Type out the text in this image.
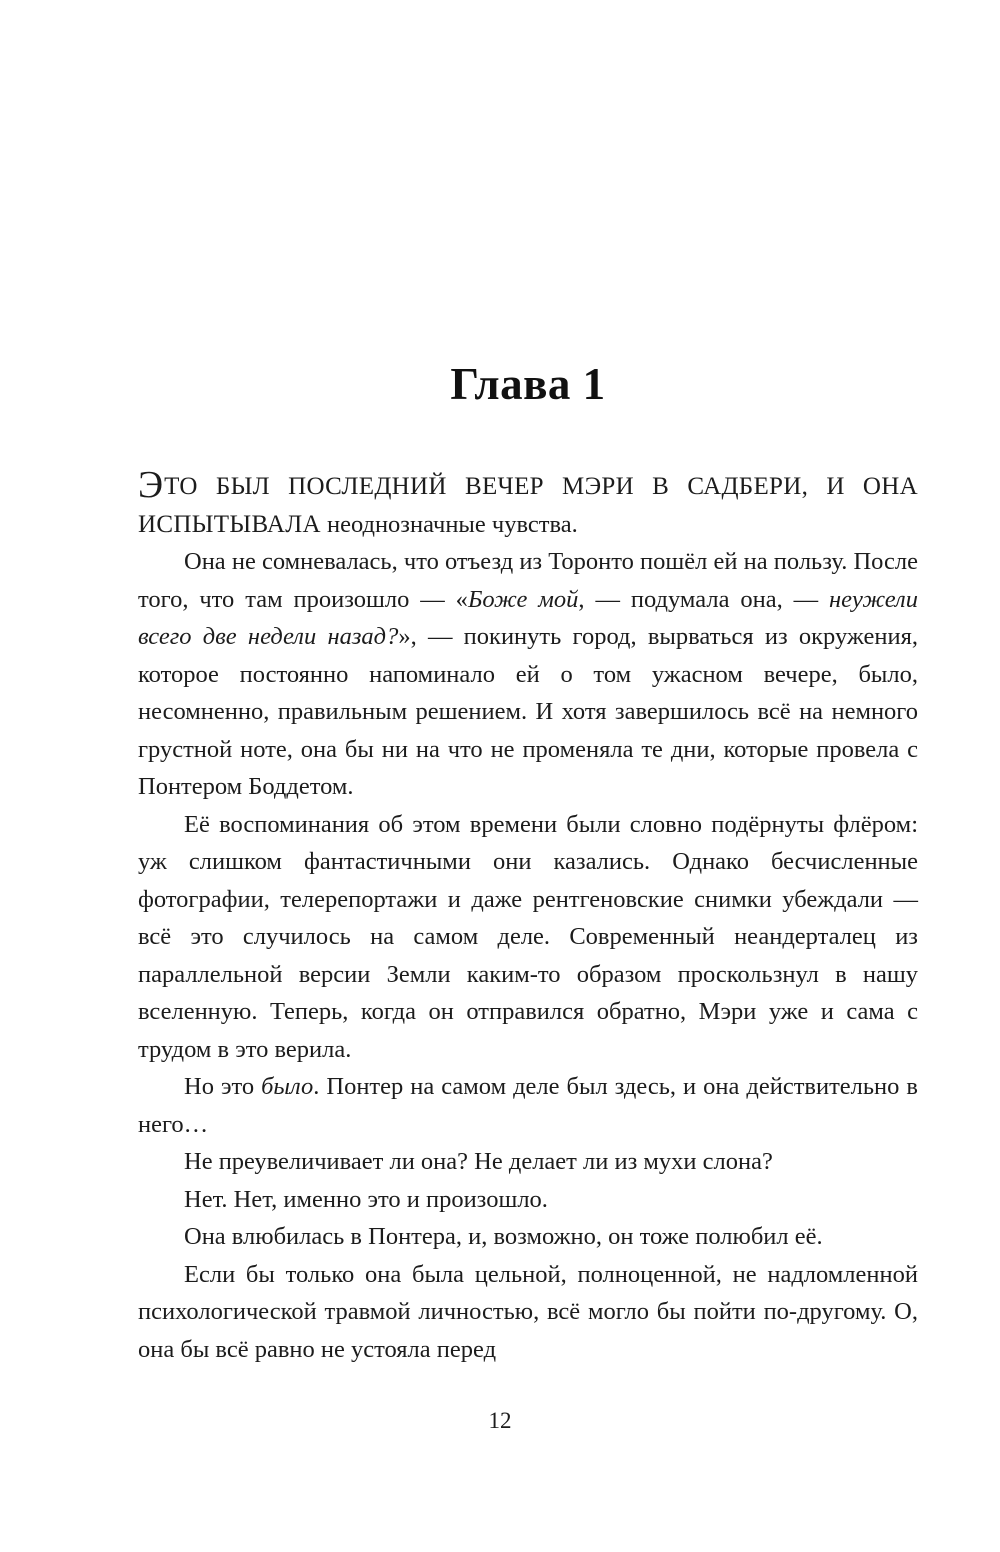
Глава 1

ЭТО БЫЛ ПОСЛЕДНИЙ ВЕЧЕР МЭРИ В САДБЕРИ, И ОНА ИСПЫТЫВАЛА неоднозначные чувства.

Она не сомневалась, что отъезд из Торонто пошёл ей на пользу. После того, что там произошло — «Боже мой, — подумала она, — неужели всего две недели назад?», — покинуть город, вырваться из окружения, которое постоянно напоминало ей о том ужасном вечере, было, несомненно, правильным решением. И хотя завершилось всё на немного грустной ноте, она бы ни на что не променяла те дни, которые провела с Понтером Боддетом.

Её воспоминания об этом времени были словно подёрнуты флёром: уж слишком фантастичными они казались. Однако бесчисленные фотографии, телерепортажи и даже рентгеновские снимки убеждали — всё это случилось на самом деле. Современный неандерталец из параллельной версии Земли каким-то образом проскользнул в нашу вселенную. Теперь, когда он отправился обратно, Мэри уже и сама с трудом в это верила.

Но это было. Понтер на самом деле был здесь, и она действительно в него…

Не преувеличивает ли она? Не делает ли из мухи слона?

Нет. Нет, именно это и произошло.

Она влюбилась в Понтера, и, возможно, он тоже полюбил её.

Если бы только она была цельной, полноценной, не надломленной психологической травмой личностью, всё могло бы пойти по-другому. О, она бы всё равно не устояла перед

12
